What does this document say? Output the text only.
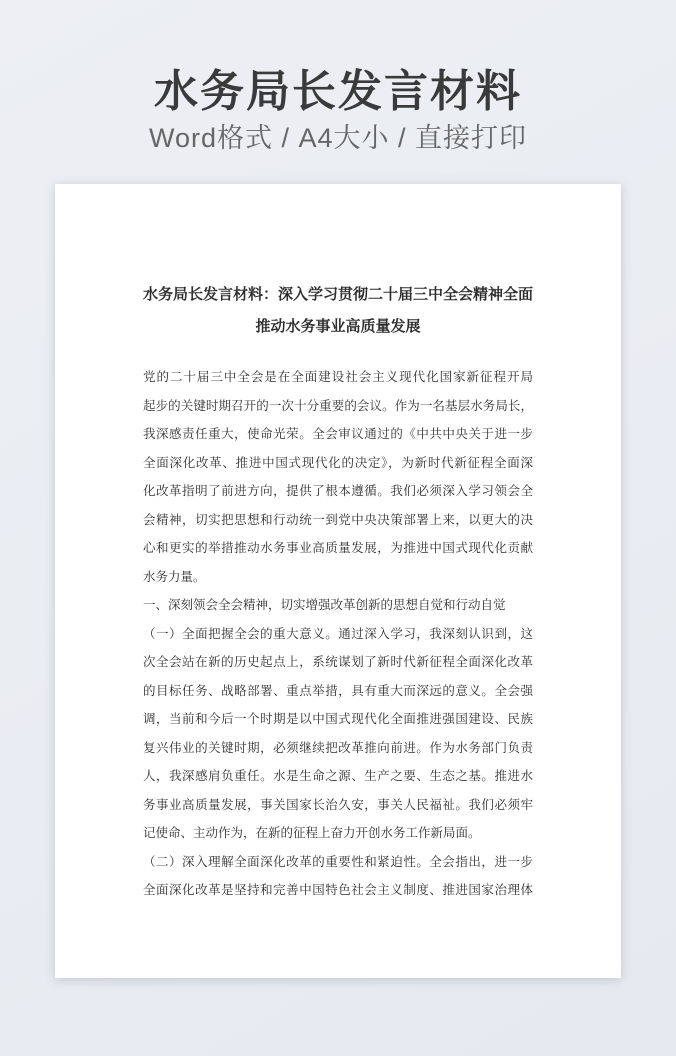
水务局长发言材料
Word格式 / A4大小 / 直接打印
水务局长发言材料：深入学习贯彻二十届三中全会精神全面
推动水务事业高质量发展
党的二十届三中全会是在全面建设社会主义现代化国家新征程开局
起步的关键时期召开的一次十分重要的会议。作为一名基层水务局长，
我深感责任重大，使命光荣。全会审议通过的《中共中央关于进一步
全面深化改革、推进中国式现代化的决定》，为新时代新征程全面深
化改革指明了前进方向，提供了根本遵循。我们必须深入学习领会全
会精神，切实把思想和行动统一到党中央决策部署上来，以更大的决
心和更实的举措推动水务事业高质量发展，为推进中国式现代化贡献
水务力量。
一、深刻领会全会精神，切实增强改革创新的思想自觉和行动自觉
（一）全面把握全会的重大意义。通过深入学习，我深刻认识到，这
次全会站在新的历史起点上，系统谋划了新时代新征程全面深化改革
的目标任务、战略部署、重点举措，具有重大而深远的意义。全会强
调，当前和今后一个时期是以中国式现代化全面推进强国建设、民族
复兴伟业的关键时期，必须继续把改革推向前进。作为水务部门负责
人，我深感肩负重任。水是生命之源、生产之要、生态之基。推进水
务事业高质量发展，事关国家长治久安，事关人民福祉。我们必须牢
记使命、主动作为，在新的征程上奋力开创水务工作新局面。
（二）深入理解全面深化改革的重要性和紧迫性。全会指出，进一步
全面深化改革是坚持和完善中国特色社会主义制度、推进国家治理体
